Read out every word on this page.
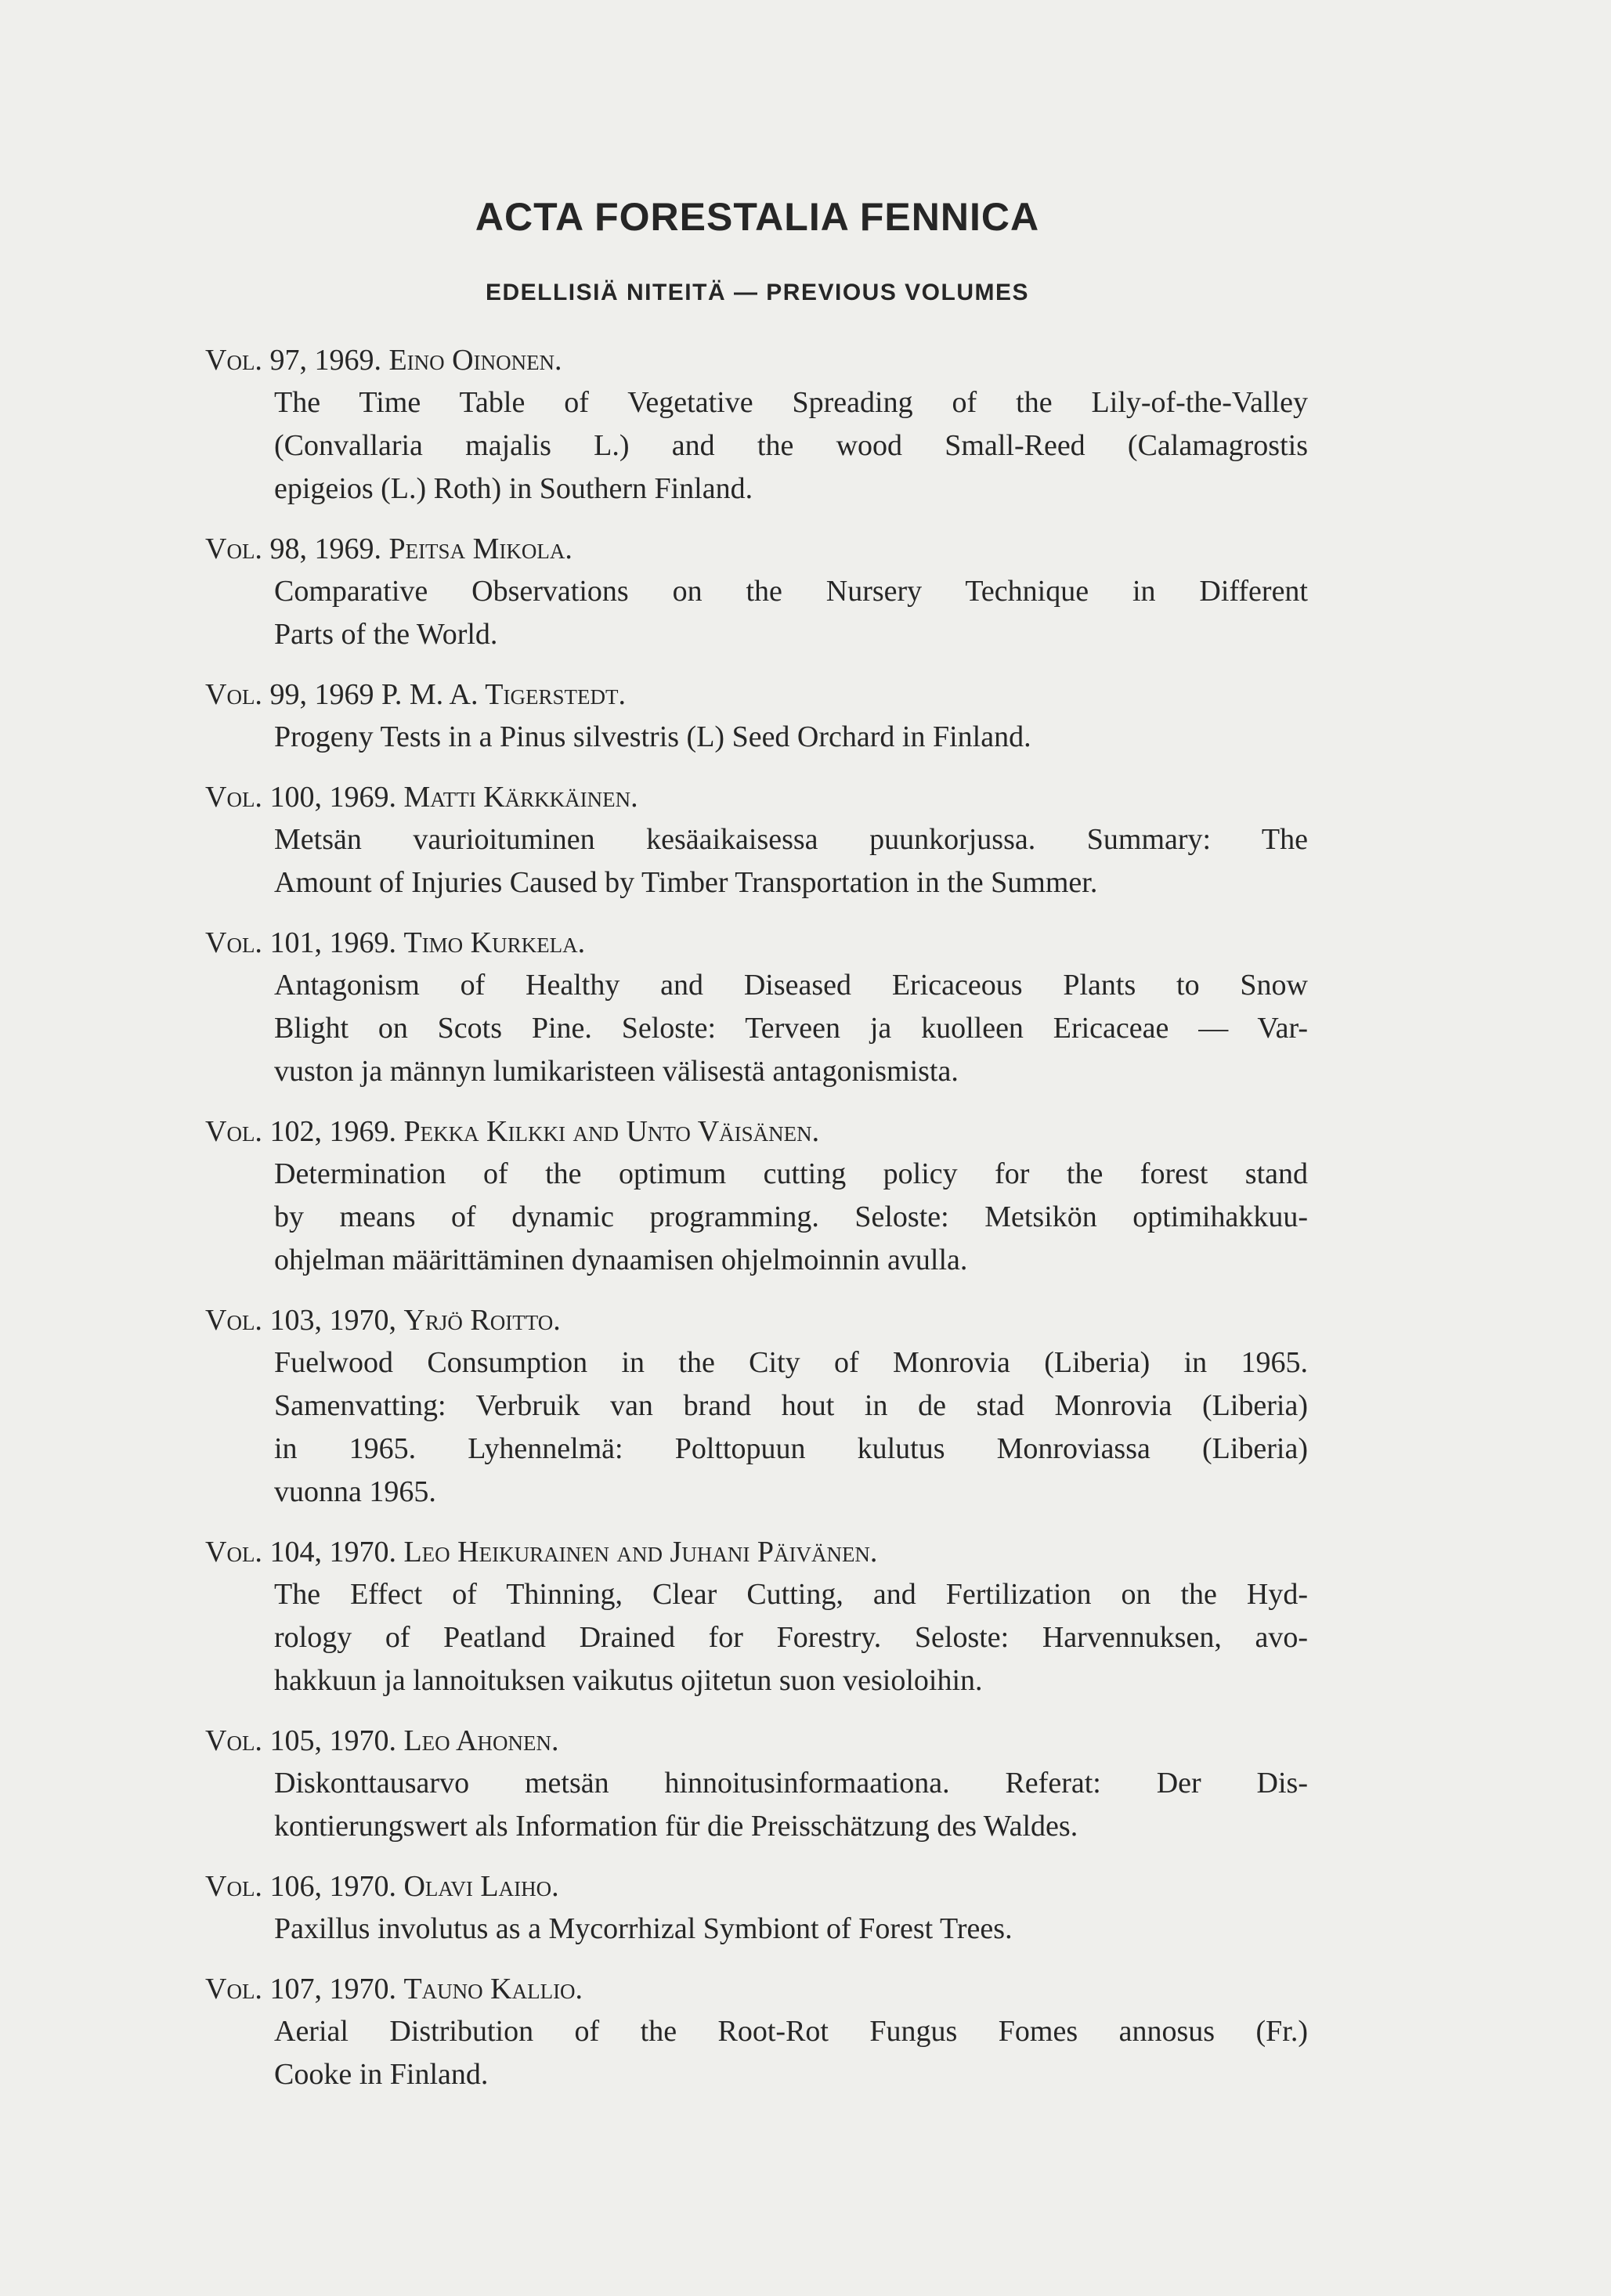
ACTA FORESTALIA FENNICA
EDELLISIÄ NITEITÄ — PREVIOUS VOLUMES
Vol. 97, 1969. Eino Oinonen.
The Time Table of Vegetative Spreading of the Lily-of-the-Valley
(Convallaria majalis L.) and the wood Small-Reed (Calamagrostis
epigeios (L.) Roth) in Southern Finland.
Vol. 98, 1969. Peitsa Mikola.
Comparative Observations on the Nursery Technique in Different
Parts of the World.
Vol. 99, 1969 P. M. A. Tigerstedt.
Progeny Tests in a Pinus silvestris (L) Seed Orchard in Finland.
Vol. 100, 1969. Matti Kärkkäinen.
Metsän vaurioituminen kesäaikaisessa puunkorjussa. Summary: The
Amount of Injuries Caused by Timber Transportation in the Summer.
Vol. 101, 1969. Timo Kurkela.
Antagonism of Healthy and Diseased Ericaceous Plants to Snow
Blight on Scots Pine. Seloste: Terveen ja kuolleen Ericaceae — Var-
vuston ja männyn lumikaristeen välisestä antagonismista.
Vol. 102, 1969. Pekka Kilkki and Unto Väisänen.
Determination of the optimum cutting policy for the forest stand
by means of dynamic programming. Seloste: Metsikön optimihakkuu-
ohjelman määrittäminen dynaamisen ohjelmoinnin avulla.
Vol. 103, 1970, Yrjö Roitto.
Fuelwood Consumption in the City of Monrovia (Liberia) in 1965.
Samenvatting: Verbruik van brand hout in de stad Monrovia (Liberia)
in 1965. Lyhennelmä: Polttopuun kulutus Monroviassa (Liberia)
vuonna 1965.
Vol. 104, 1970. Leo Heikurainen and Juhani Päivänen.
The Effect of Thinning, Clear Cutting, and Fertilization on the Hyd-
rology of Peatland Drained for Forestry. Seloste: Harvennuksen, avo-
hakkuun ja lannoituksen vaikutus ojitetun suon vesioloihin.
Vol. 105, 1970. Leo Ahonen.
Diskonttausarvo metsän hinnoitusinformaationa. Referat: Der Dis-
kontierungswert als Information für die Preisschätzung des Waldes.
Vol. 106, 1970. Olavi Laiho.
Paxillus involutus as a Mycorrhizal Symbiont of Forest Trees.
Vol. 107, 1970. Tauno Kallio.
Aerial Distribution of the Root-Rot Fungus Fomes annosus (Fr.)
Cooke in Finland.
